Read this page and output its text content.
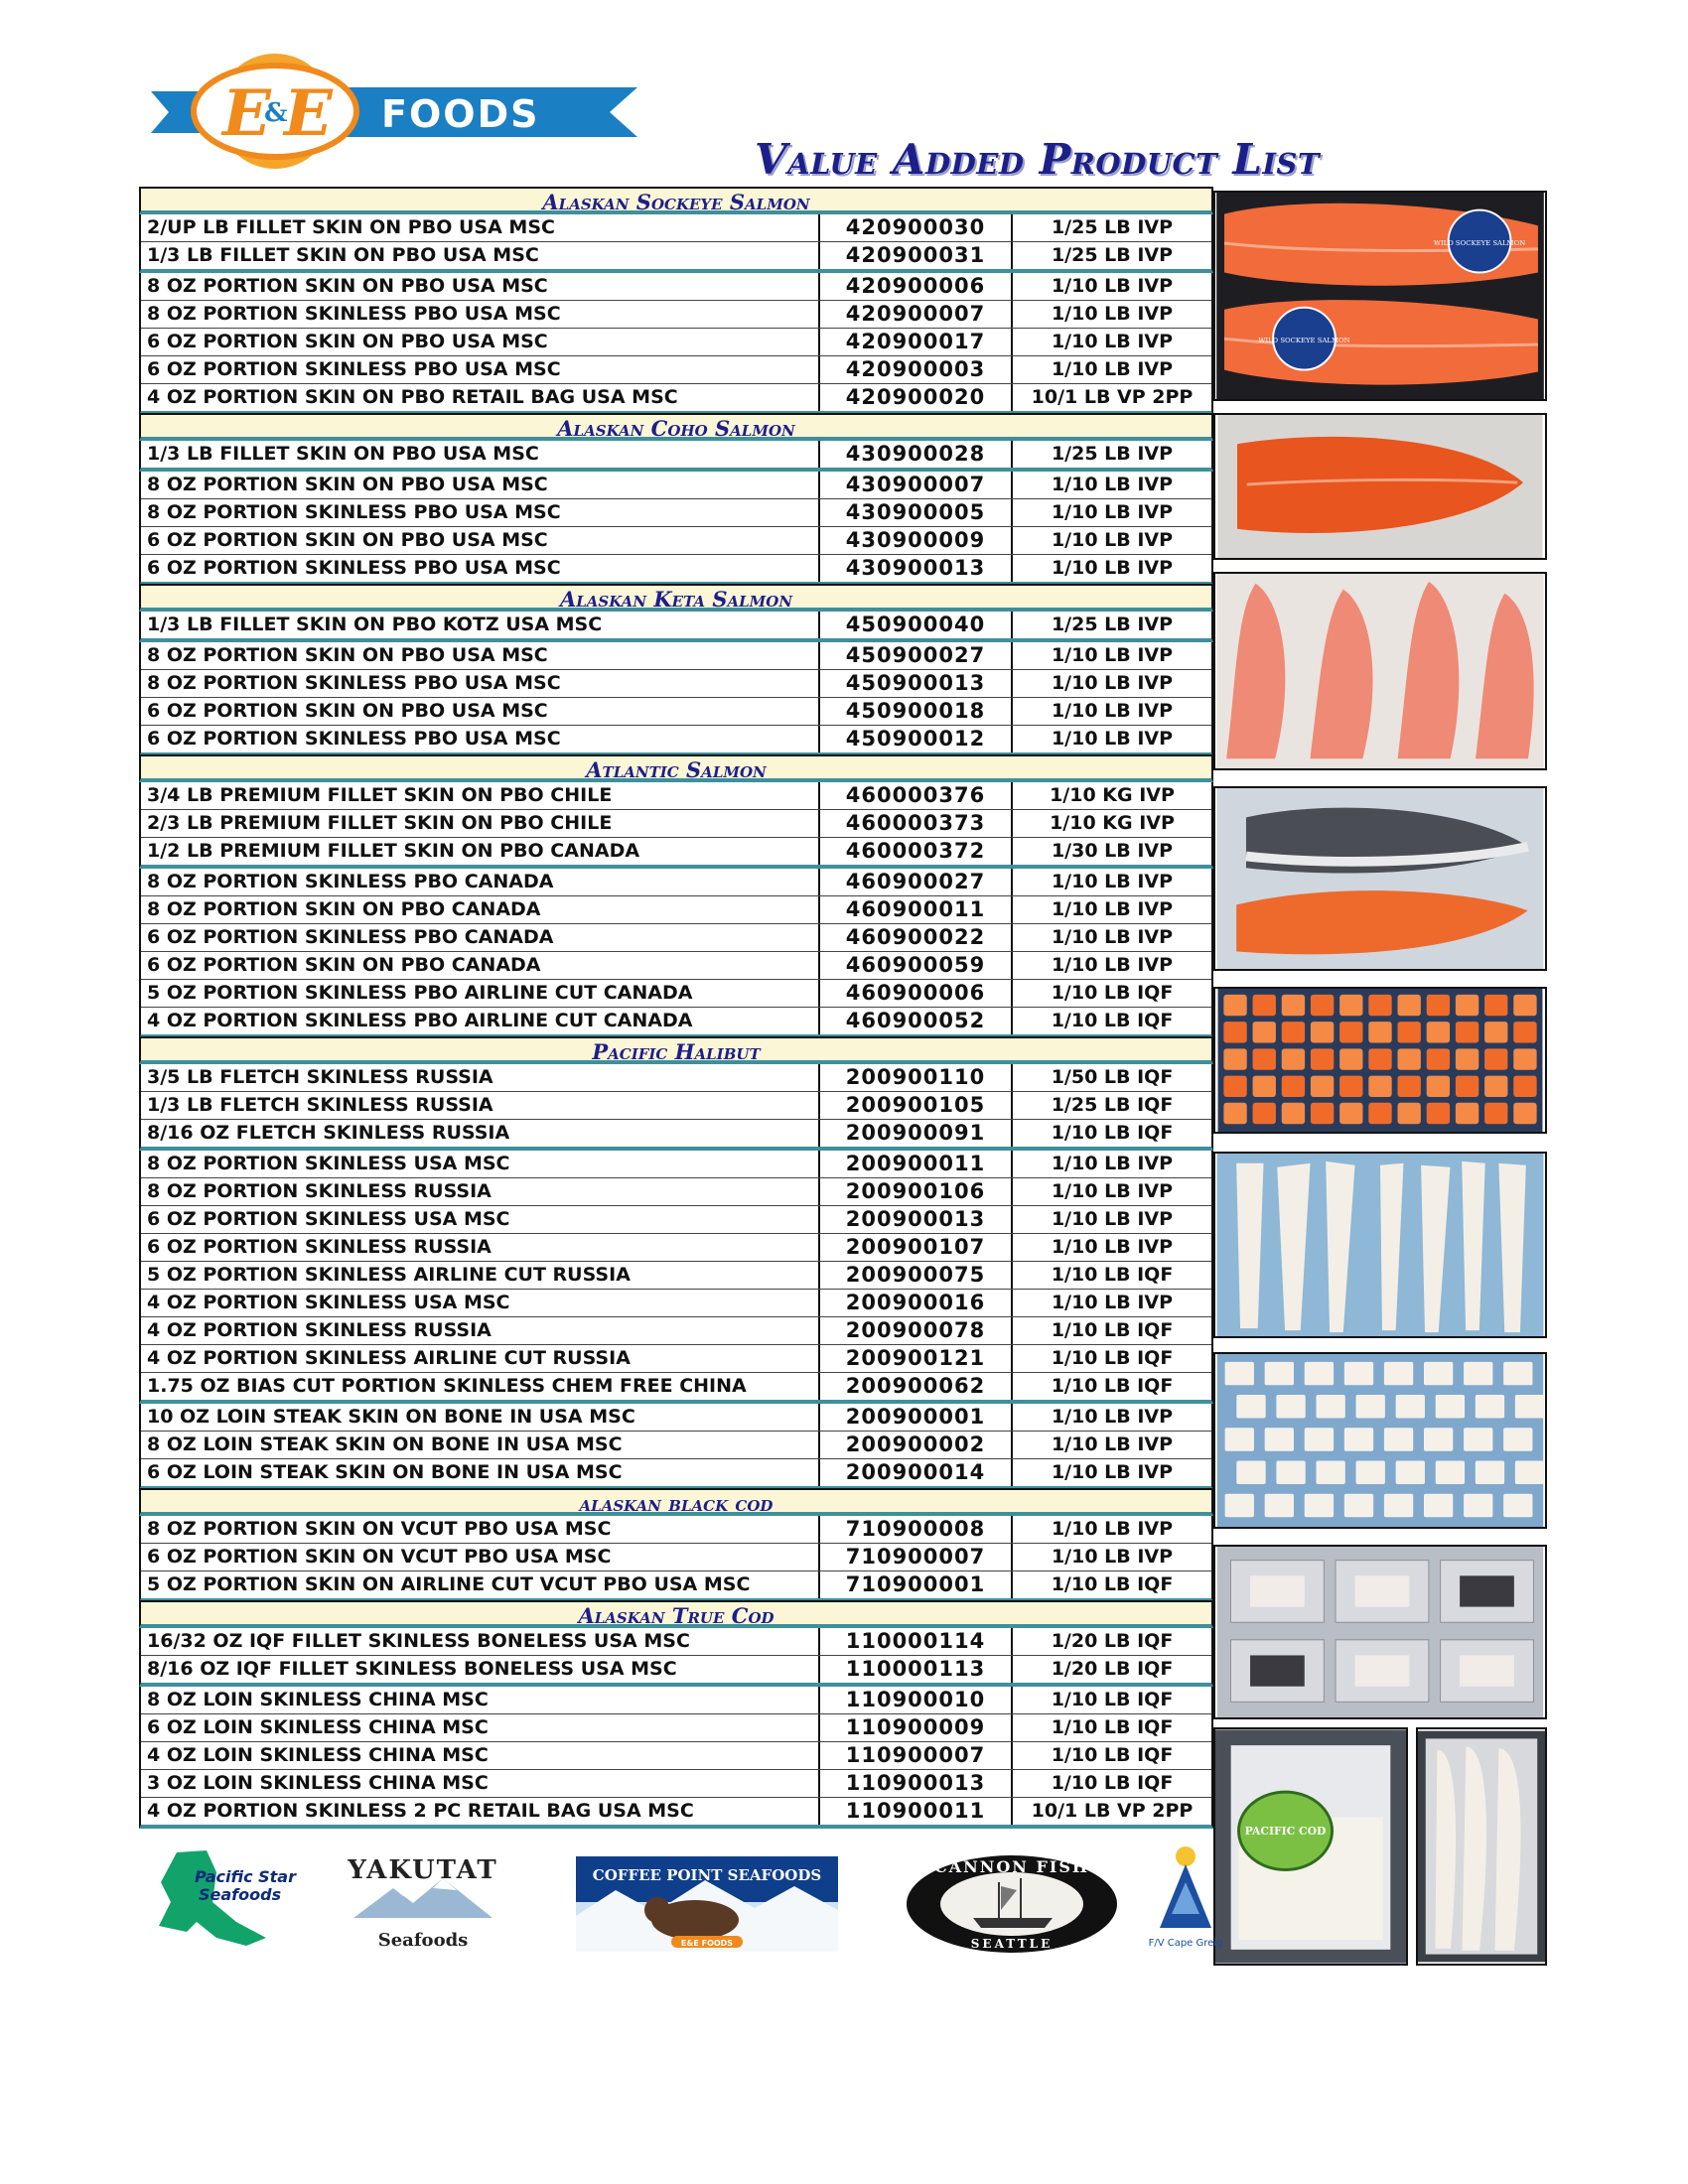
E
&
E FOODS
Value Added Product List
Alaskan Sockeye Salmon
2/UP LB FILLET SKIN ON PBO USA MSC	420900030	1/25 LB IVP
1/3 LB FILLET SKIN ON PBO USA MSC	420900031	1/25 LB IVP
8 OZ PORTION SKIN ON PBO USA MSC	420900006	1/10 LB IVP
8 OZ PORTION SKINLESS PBO USA MSC	420900007	1/10 LB IVP
6 OZ PORTION SKIN ON PBO USA MSC	420900017	1/10 LB IVP
6 OZ PORTION SKINLESS PBO USA MSC	420900003	1/10 LB IVP
4 OZ PORTION SKIN ON PBO RETAIL BAG USA MSC	420900020	10/1 LB VP 2PP
Alaskan Coho Salmon
1/3 LB FILLET SKIN ON PBO USA MSC	430900028	1/25 LB IVP
8 OZ PORTION SKIN ON PBO USA MSC	430900007	1/10 LB IVP
8 OZ PORTION SKINLESS PBO USA MSC	430900005	1/10 LB IVP
6 OZ PORTION SKIN ON PBO USA MSC	430900009	1/10 LB IVP
6 OZ PORTION SKINLESS PBO USA MSC	430900013	1/10 LB IVP
Alaskan Keta Salmon
1/3 LB FILLET SKIN ON PBO KOTZ USA MSC	450900040	1/25 LB IVP
8 OZ PORTION SKIN ON PBO USA MSC	450900027	1/10 LB IVP
8 OZ PORTION SKINLESS PBO USA MSC	450900013	1/10 LB IVP
6 OZ PORTION SKIN ON PBO USA MSC	450900018	1/10 LB IVP
6 OZ PORTION SKINLESS PBO USA MSC	450900012	1/10 LB IVP
Atlantic Salmon
3/4 LB PREMIUM FILLET SKIN ON PBO CHILE	460000376	1/10 KG IVP
2/3 LB PREMIUM FILLET SKIN ON PBO CHILE	460000373	1/10 KG IVP
1/2 LB PREMIUM FILLET SKIN ON PBO CANADA	460000372	1/30 LB IVP
8 OZ PORTION SKINLESS PBO CANADA	460900027	1/10 LB IVP
8 OZ PORTION SKIN ON PBO CANADA	460900011	1/10 LB IVP
6 OZ PORTION SKINLESS PBO CANADA	460900022	1/10 LB IVP
6 OZ PORTION SKIN ON PBO CANADA	460900059	1/10 LB IVP
5 OZ PORTION SKINLESS PBO AIRLINE CUT CANADA	460900006	1/10 LB IQF
4 OZ PORTION SKINLESS PBO AIRLINE CUT CANADA	460900052	1/10 LB IQF
Pacific Halibut
3/5 LB FLETCH SKINLESS RUSSIA	200900110	1/50 LB IQF
1/3 LB FLETCH SKINLESS RUSSIA	200900105	1/25 LB IQF
8/16 OZ FLETCH SKINLESS RUSSIA	200900091	1/10 LB IQF
8 OZ PORTION SKINLESS USA MSC	200900011	1/10 LB IVP
8 OZ PORTION SKINLESS RUSSIA	200900106	1/10 LB IVP
6 OZ PORTION SKINLESS USA MSC	200900013	1/10 LB IVP
6 OZ PORTION SKINLESS RUSSIA	200900107	1/10 LB IVP
5 OZ PORTION SKINLESS AIRLINE CUT RUSSIA	200900075	1/10 LB IQF
4 OZ PORTION SKINLESS USA MSC	200900016	1/10 LB IVP
4 OZ PORTION SKINLESS RUSSIA	200900078	1/10 LB IQF
4 OZ PORTION SKINLESS AIRLINE CUT RUSSIA	200900121	1/10 LB IQF
1.75 OZ BIAS CUT PORTION SKINLESS CHEM FREE CHINA	200900062	1/10 LB IQF
10 OZ LOIN STEAK SKIN ON BONE IN USA MSC	200900001	1/10 LB IVP
8 OZ LOIN STEAK SKIN ON BONE IN USA MSC	200900002	1/10 LB IVP
6 OZ LOIN STEAK SKIN ON BONE IN USA MSC	200900014	1/10 LB IVP
alaskan black cod
8 OZ PORTION SKIN ON VCUT PBO USA MSC	710900008	1/10 LB IVP
6 OZ PORTION SKIN ON VCUT PBO USA MSC	710900007	1/10 LB IVP
5 OZ PORTION SKIN ON AIRLINE CUT VCUT PBO USA MSC	710900001	1/10 LB IQF
Alaskan True Cod
16/32 OZ IQF FILLET SKINLESS BONELESS USA MSC	110000114	1/20 LB IQF
8/16 OZ IQF FILLET SKINLESS BONELESS USA MSC	110000113	1/20 LB IQF
8 OZ LOIN SKINLESS CHINA MSC	110900010	1/10 LB IQF
6 OZ LOIN SKINLESS CHINA MSC	110900009	1/10 LB IQF
4 OZ LOIN SKINLESS CHINA MSC	110900007	1/10 LB IQF
3 OZ LOIN SKINLESS CHINA MSC	110900013	1/10 LB IQF
4 OZ PORTION SKINLESS 2 PC RETAIL BAG USA MSC	110900011	10/1 LB VP 2PP
WILD SOCKEYE SALMON
WILD SOCKEYE SALMON
PACIFIC COD
Pacific Star
Seafoods
YAKUTAT
Seafoods
COFFEE POINT SEAFOODS
E&E FOODS
CANNON FISH
SEATTLE	F/V Cape Greig
